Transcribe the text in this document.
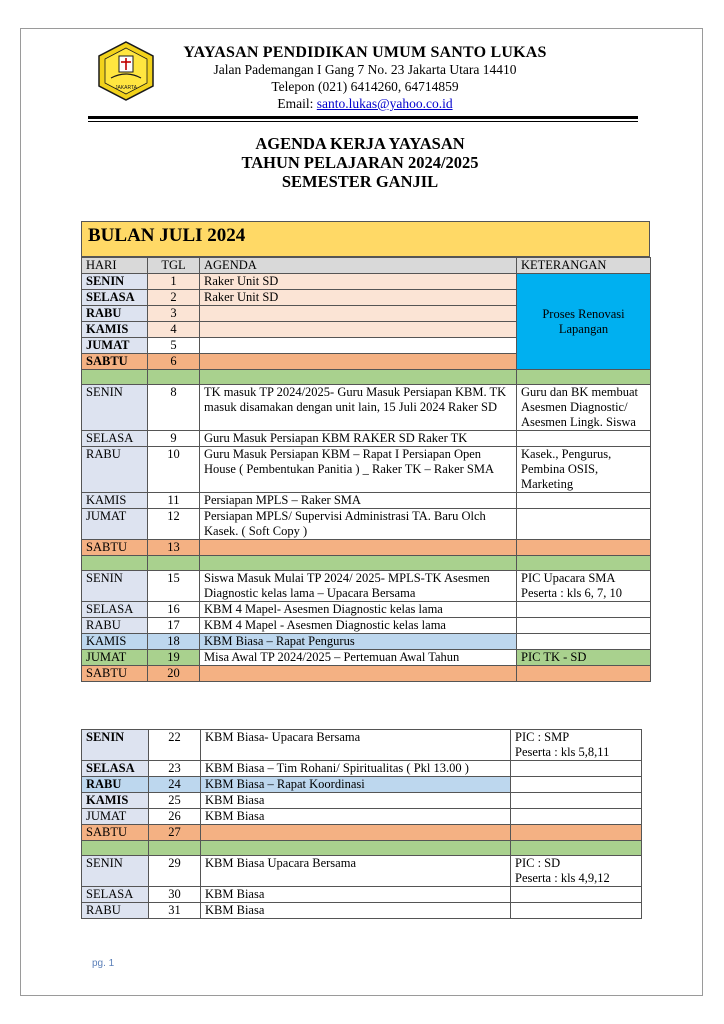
JAKARTA
YAYASAN PENDIDIKAN UMUM SANTO LUKAS
Jalan Pademangan I Gang 7 No. 23 Jakarta Utara 14410
Telepon (021) 6414260, 64714859
Email: santo.lukas@yahoo.co.id
AGENDA KERJA YAYASAN
TAHUN PELAJARAN 2024/2025
SEMESTER GANJIL
BULAN JULI 2024
HARI	TGL	AGENDA	KETERANGAN
SENIN	1	Raker Unit SD	Proses Renovasi Lapangan
SELASA	2	Raker Unit SD	
RABU	3		
KAMIS	4		
JUMAT	5		
SABTU	6		

SENIN	8	TK masuk TP 2024/2025- Guru Masuk Persiapan KBM. TK masuk disamakan dengan unit lain, 15 Juli 2024 Raker SD	Guru dan BK membuat Asesmen Diagnostic/ Asesmen Lingk. Siswa
SELASA	9	Guru Masuk Persiapan KBM RAKER SD Raker TK	
RABU	10	Guru Masuk Persiapan KBM – Rapat I Persiapan Open House ( Pembentukan Panitia ) _ Raker TK – Raker SMA	Kasek., Pengurus, Pembina OSIS, Marketing
KAMIS	11	Persiapan MPLS – Raker SMA	
JUMAT	12	Persiapan MPLS/ Supervisi Administrasi TA. Baru Olch Kasek. ( Soft Copy )	
SABTU	13		

SENIN	15	Siswa Masuk Mulai TP 2024/ 2025- MPLS-TK Asesmen Diagnostic kelas lama – Upacara Bersama	PIC Upacara SMA Peserta : kls 6, 7, 10
SELASA	16	KBM 4 Mapel- Asesmen Diagnostic kelas lama	
RABU	17	KBM 4 Mapel - Asesmen Diagnostic kelas lama	
KAMIS	18	KBM Biasa – Rapat Pengurus	
JUMAT	19	Misa Awal TP 2024/2025 – Pertemuan Awal Tahun	PIC TK - SD
SABTU	20		
SENIN	22	KBM Biasa- Upacara Bersama	PIC : SMP
Peserta : kls 5,8,11

SELASA	23	KBM Biasa – Tim Rohani/ Spiritualitas ( Pkl 13.00 )	
RABU	24	KBM Biasa – Rapat Koordinasi	
KAMIS	25	KBM Biasa	
JUMAT	26	KBM Biasa	
SABTU	27		

SENIN	29	KBM Biasa Upacara Bersama	PIC : SD
Peserta : kls 4,9,12

SELASA	30	KBM Biasa	
RABU	31	KBM Biasa	
pg. 1
